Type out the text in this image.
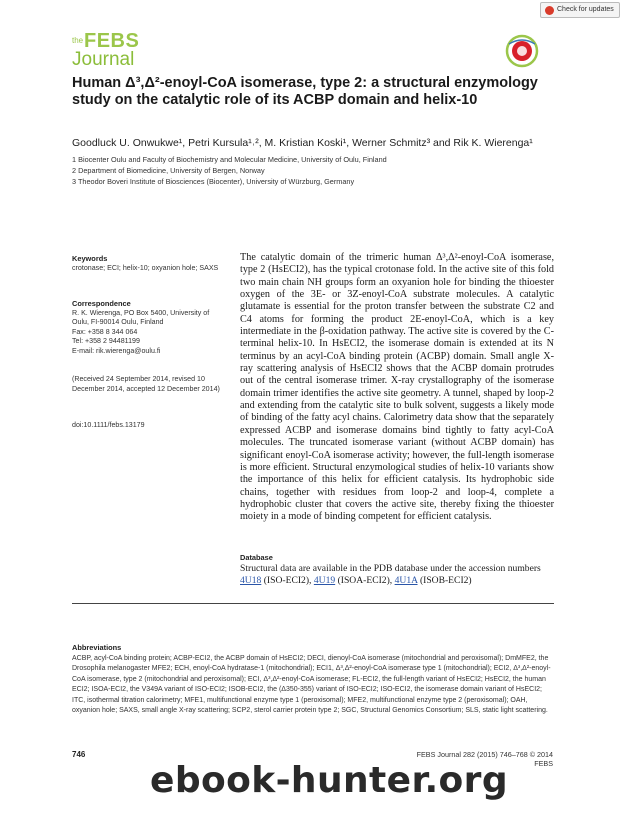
Check for updates
the FEBS
Journal
Human Δ³,Δ²-enoyl-CoA isomerase, type 2: a structural enzymology study on the catalytic role of its ACBP domain and helix-10
Goodluck U. Onwukwe¹, Petri Kursula¹˒², M. Kristian Koski¹, Werner Schmitz³ and Rik K. Wierenga¹
1 Biocenter Oulu and Faculty of Biochemistry and Molecular Medicine, University of Oulu, Finland
2 Department of Biomedicine, University of Bergen, Norway
3 Theodor Boveri Institute of Biosciences (Biocenter), University of Würzburg, Germany
Keywords
crotonase; ECI; helix-10; oxyanion hole; SAXS
Correspondence
R. K. Wierenga, PO Box 5400, University of
Oulu, FI-90014 Oulu, Finland
Fax: +358 8 344 064
Tel: +358 2 94481199
E-mail: rik.wierenga@oulu.fi
(Received 24 September 2014, revised 10 December 2014, accepted 12 December 2014)
doi:10.1111/febs.13179
The catalytic domain of the trimeric human Δ³,Δ²-enoyl-CoA isomerase, type 2 (HsECI2), has the typical crotonase fold. In the active site of this fold two main chain NH groups form an oxyanion hole for binding the thioester oxygen of the 3E- or 3Z-enoyl-CoA substrate molecules. A catalytic glutamate is essential for the proton transfer between the substrate C2 and C4 atoms for forming the product 2E-enoyl-CoA, which is a key intermediate in the β-oxidation pathway. The active site is covered by the C-terminal helix-10. In HsECI2, the isomerase domain is extended at its N terminus by an acyl-CoA binding protein (ACBP) domain. Small angle X-ray scattering analysis of HsECI2 shows that the ACBP domain protrudes out of the central isomerase trimer. X-ray crystallography of the isomerase domain trimer identifies the active site geometry. A tunnel, shaped by loop-2 and extending from the catalytic site to bulk solvent, suggests a likely mode of binding of the fatty acyl chains. Calorimetry data show that the separately expressed ACBP and isomerase domains bind tightly to fatty acyl-CoA molecules. The truncated isomerase variant (without ACBP domain) has significant enoyl-CoA isomerase activity; however, the full-length isomerase is more efficient. Structural enzymological studies of helix-10 variants show the importance of this helix for efficient catalysis. Its hydrophobic side chains, together with residues from loop-2 and loop-4, complete a hydrophobic cluster that covers the active site, thereby fixing the thioester moiety in a mode of binding competent for efficient catalysis.
Database
Structural data are available in the PDB database under the accession numbers 4U18 (ISO-ECI2), 4U19 (ISOA-ECI2), 4U1A (ISOB-ECI2)
Abbreviations
ACBP, acyl-CoA binding protein; ACBP-ECI2, the ACBP domain of HsECI2; DECI, dienoyl-CoA isomerase (mitochondrial and peroxisomal); DmMFE2, the Drosophila melanogaster MFE2; ECH, enoyl-CoA hydratase-1 (mitochondrial); ECI1, Δ³,Δ²-enoyl-CoA isomerase type 1 (mitochondrial); ECI2, Δ³,Δ²-enoyl-CoA isomerase, type 2 (mitochondrial and peroxisomal); ECI, Δ³,Δ²-enoyl-CoA isomerase; FL-ECI2, the full-length variant of HsECI2; HsECI2, the human ECI2; ISOA-ECI2, the V349A variant of ISO-ECI2; ISOB-ECI2, the (Δ350-355) variant of ISO-ECI2; ISO-ECI2, the isomerase domain variant of HsECI2; ITC, isothermal titration calorimetry; MFE1, multifunctional enzyme type 1 (peroxisomal); MFE2, multifunctional enzyme type 2 (peroxisomal); OAH, oxyanion hole; SAXS, small angle X-ray scattering; SCP2, sterol carrier protein type 2; SGC, Structural Genomics Consortium; SLS, static light scattering.
746	FEBS Journal 282 (2015) 746–768 © 2014 FEBS
ebook-hunter.org
